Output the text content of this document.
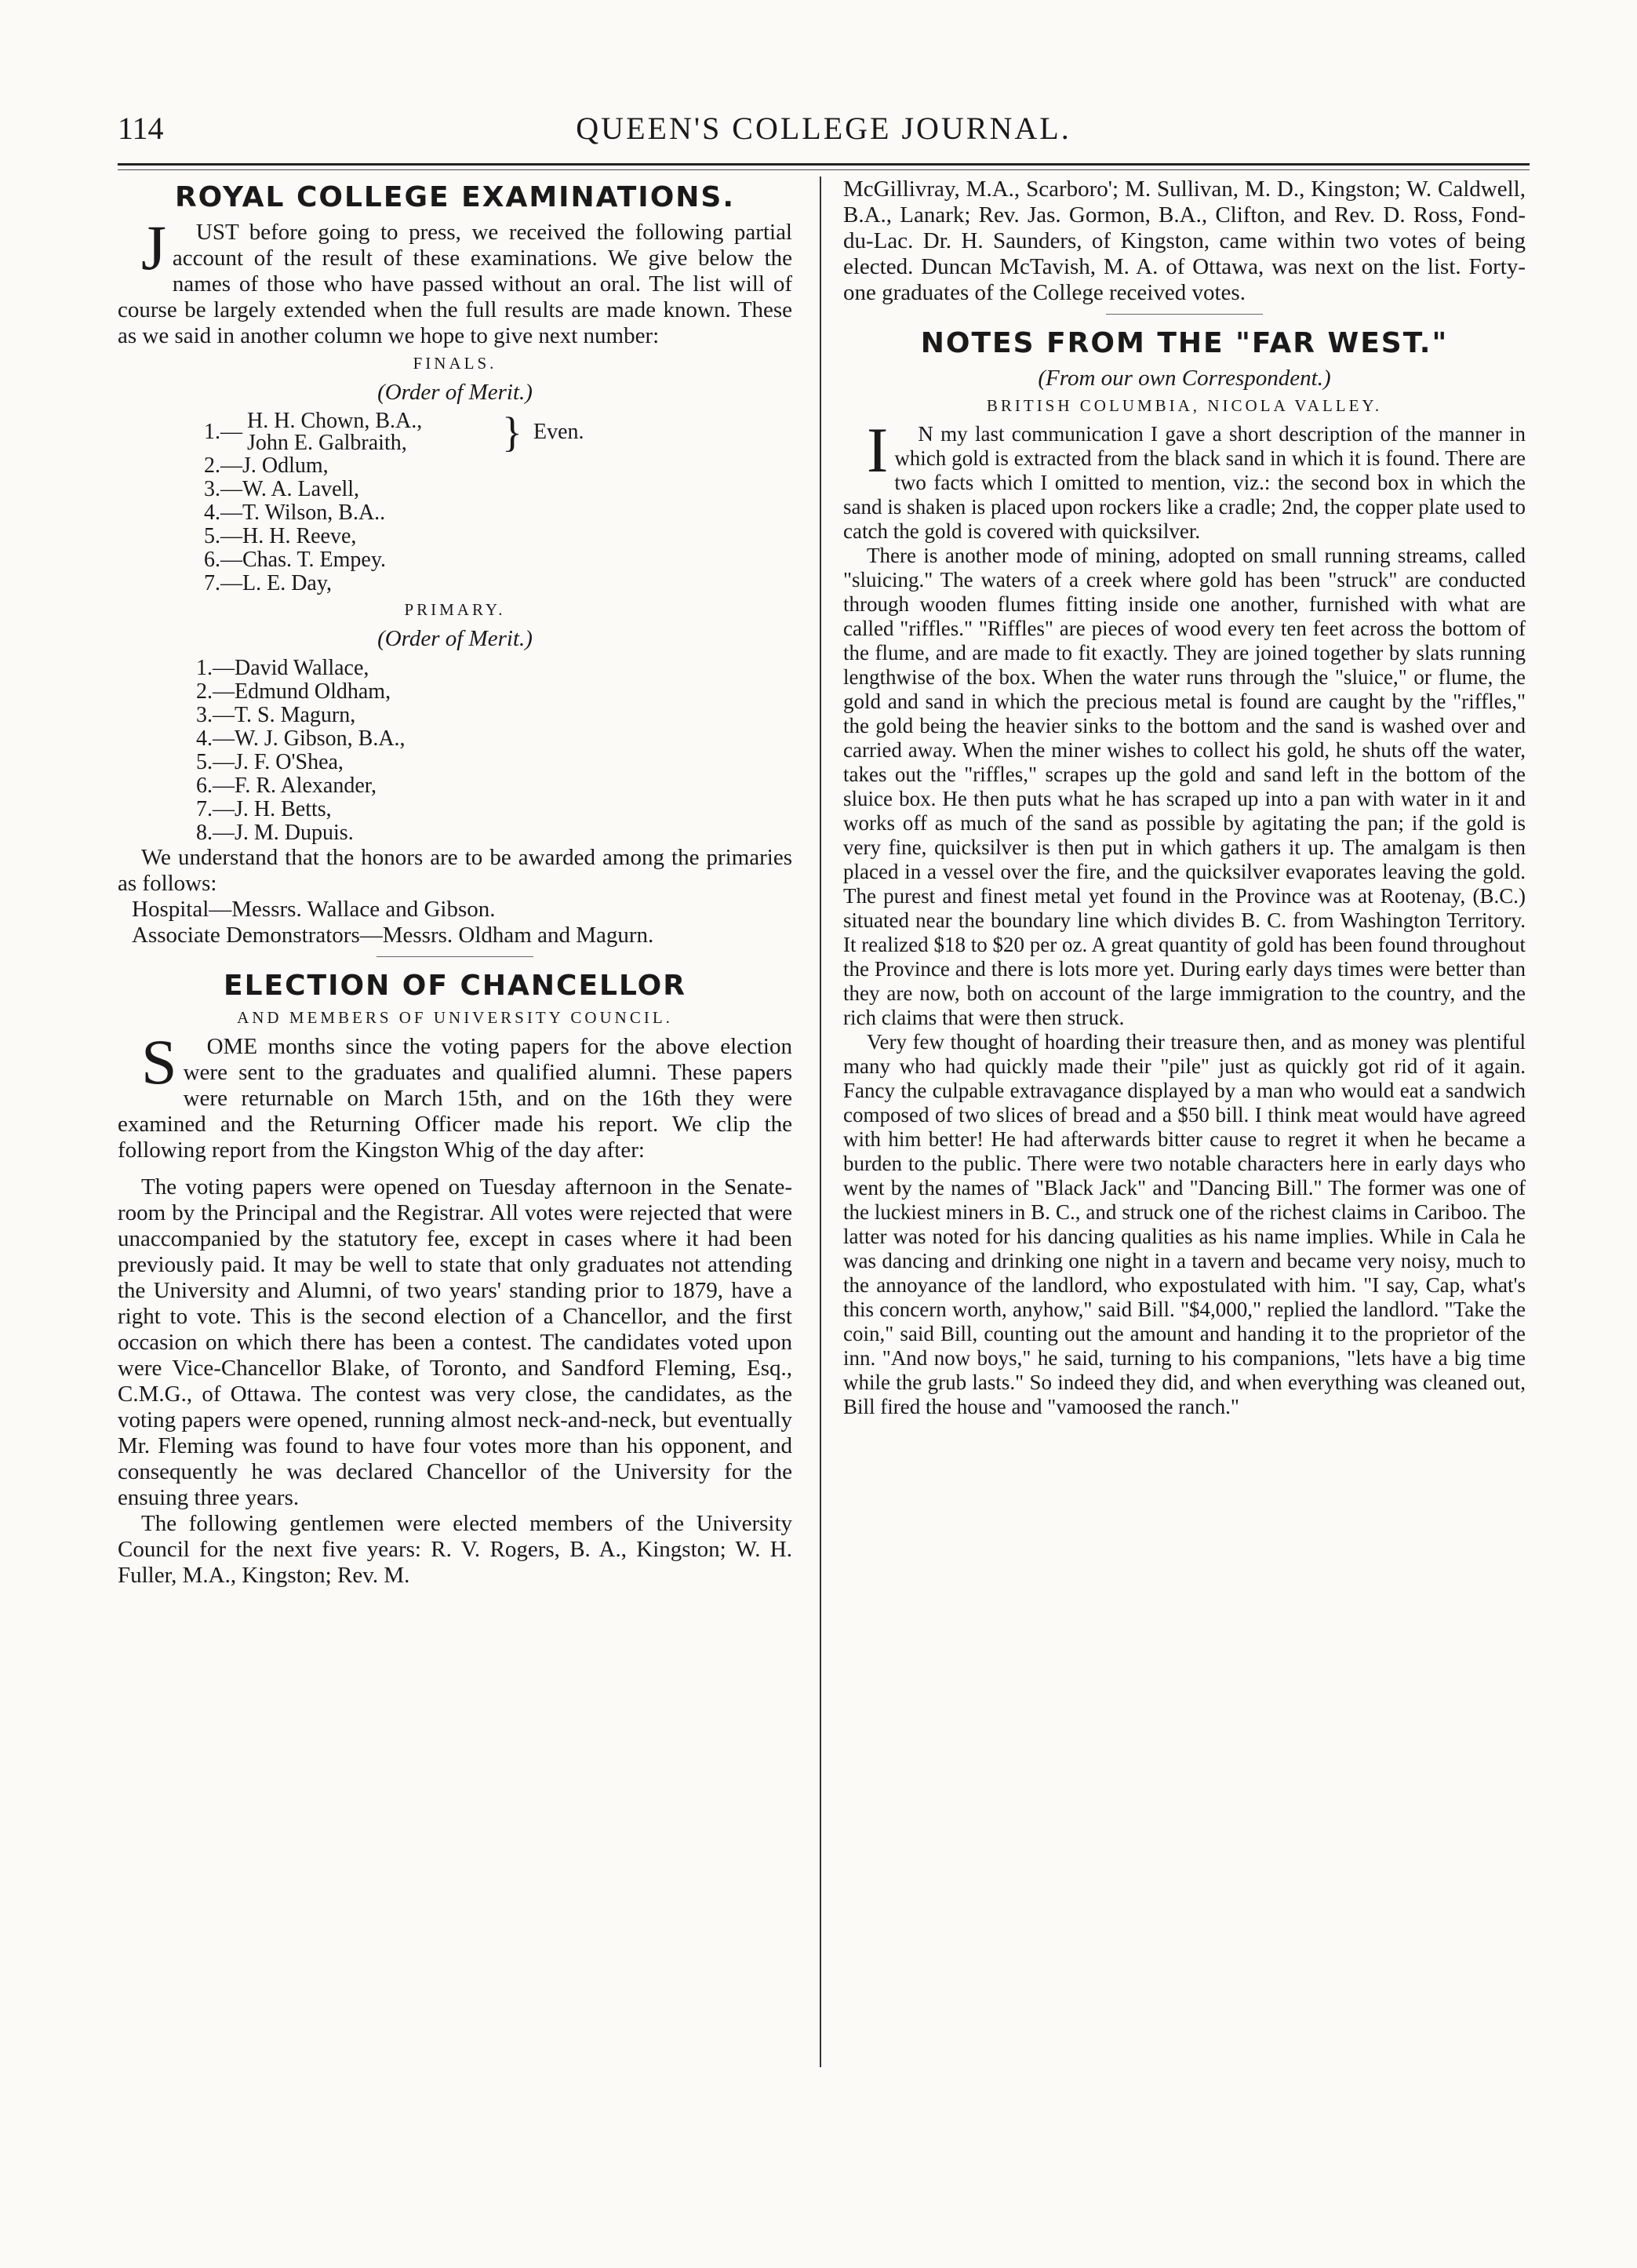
114	QUEEN'S COLLEGE JOURNAL.
ROYAL COLLEGE EXAMINATIONS.

J UST before going to press, we received the following partial account of the result of these examinations. We give below the names of those who have passed without an oral. The list will of course be largely extended when the full results are made known. These as we said in another column we hope to give next number:

FINALS.
(Order of Merit.)
1.— H. H. Chown, B.A.,
John E. Galbraith,	} Even.
2.—J. Odlum,
3.—W. A. Lavell,
4.—T. Wilson, B.A..
5.—H. H. Reeve,
6.—Chas. T. Empey.
7.—L. E. Day,
PRIMARY.
(Order of Merit.)
1.—David Wallace,
2.—Edmund Oldham,
3.—T. S. Magurn,
4.—W. J. Gibson, B.A.,
5.—J. F. O'Shea,
6.—F. R. Alexander,
7.—J. H. Betts,
8.—J. M. Dupuis.

We understand that the honors are to be awarded among the primaries as follows:

Hospital—Messrs. Wallace and Gibson.

Associate Demonstrators—Messrs. Oldham and Magurn.

ELECTION OF CHANCELLOR
AND MEMBERS OF UNIVERSITY COUNCIL.

S OME months since the voting papers for the above election were sent to the graduates and qualified alumni. These papers were returnable on March 15th, and on the 16th they were examined and the Returning Officer made his report. We clip the following report from the Kingston Whig of the day after:

The voting papers were opened on Tuesday afternoon in the Senate-room by the Principal and the Registrar. All votes were rejected that were unaccompanied by the statutory fee, except in cases where it had been previously paid. It may be well to state that only graduates not attending the University and Alumni, of two years' standing prior to 1879, have a right to vote. This is the second election of a Chancellor, and the first occasion on which there has been a contest. The candidates voted upon were Vice-Chancellor Blake, of Toronto, and Sandford Fleming, Esq., C.M.G., of Ottawa. The contest was very close, the candidates, as the voting papers were opened, running almost neck-and-neck, but eventually Mr. Fleming was found to have four votes more than his opponent, and consequently he was declared Chancellor of the University for the ensuing three years.

The following gentlemen were elected members of the University Council for the next five years: R. V. Rogers, B. A., Kingston; W. H. Fuller, M.A., Kingston; Rev. M.

McGillivray, M.A., Scarboro'; M. Sullivan, M. D., Kingston; W. Caldwell, B.A., Lanark; Rev. Jas. Gormon, B.A., Clifton, and Rev. D. Ross, Fond-du-Lac. Dr. H. Saunders, of Kingston, came within two votes of being elected. Duncan McTavish, M. A. of Ottawa, was next on the list. Forty-one graduates of the College received votes.

NOTES FROM THE "FAR WEST."
(From our own Correspondent.)
BRITISH COLUMBIA, NICOLA VALLEY.

I N my last communication I gave a short description of the manner in which gold is extracted from the black sand in which it is found. There are two facts which I omitted to mention, viz.: the second box in which the sand is shaken is placed upon rockers like a cradle; 2nd, the copper plate used to catch the gold is covered with quicksilver.

There is another mode of mining, adopted on small running streams, called "sluicing." The waters of a creek where gold has been "struck" are conducted through wooden flumes fitting inside one another, furnished with what are called "riffles." "Riffles" are pieces of wood every ten feet across the bottom of the flume, and are made to fit exactly. They are joined together by slats running lengthwise of the box. When the water runs through the "sluice," or flume, the gold and sand in which the precious metal is found are caught by the "riffles," the gold being the heavier sinks to the bottom and the sand is washed over and carried away. When the miner wishes to collect his gold, he shuts off the water, takes out the "riffles," scrapes up the gold and sand left in the bottom of the sluice box. He then puts what he has scraped up into a pan with water in it and works off as much of the sand as possible by agitating the pan; if the gold is very fine, quicksilver is then put in which gathers it up. The amalgam is then placed in a vessel over the fire, and the quicksilver evaporates leaving the gold. The purest and finest metal yet found in the Province was at Rootenay, (B.C.) situated near the boundary line which divides B. C. from Washington Territory. It realized $18 to $20 per oz. A great quantity of gold has been found throughout the Province and there is lots more yet. During early days times were better than they are now, both on account of the large immigration to the country, and the rich claims that were then struck.

Very few thought of hoarding their treasure then, and as money was plentiful many who had quickly made their "pile" just as quickly got rid of it again. Fancy the culpable extravagance displayed by a man who would eat a sandwich composed of two slices of bread and a $50 bill. I think meat would have agreed with him better! He had afterwards bitter cause to regret it when he became a burden to the public. There were two notable characters here in early days who went by the names of "Black Jack" and "Dancing Bill." The former was one of the luckiest miners in B. C., and struck one of the richest claims in Cariboo. The latter was noted for his dancing qualities as his name implies. While in Cala he was dancing and drinking one night in a tavern and became very noisy, much to the annoyance of the landlord, who expostulated with him. "I say, Cap, what's this concern worth, anyhow," said Bill. "$4,000," replied the landlord. "Take the coin," said Bill, counting out the amount and handing it to the proprietor of the inn. "And now boys," he said, turning to his companions, "lets have a big time while the grub lasts." So indeed they did, and when everything was cleaned out, Bill fired the house and "vamoosed the ranch."
